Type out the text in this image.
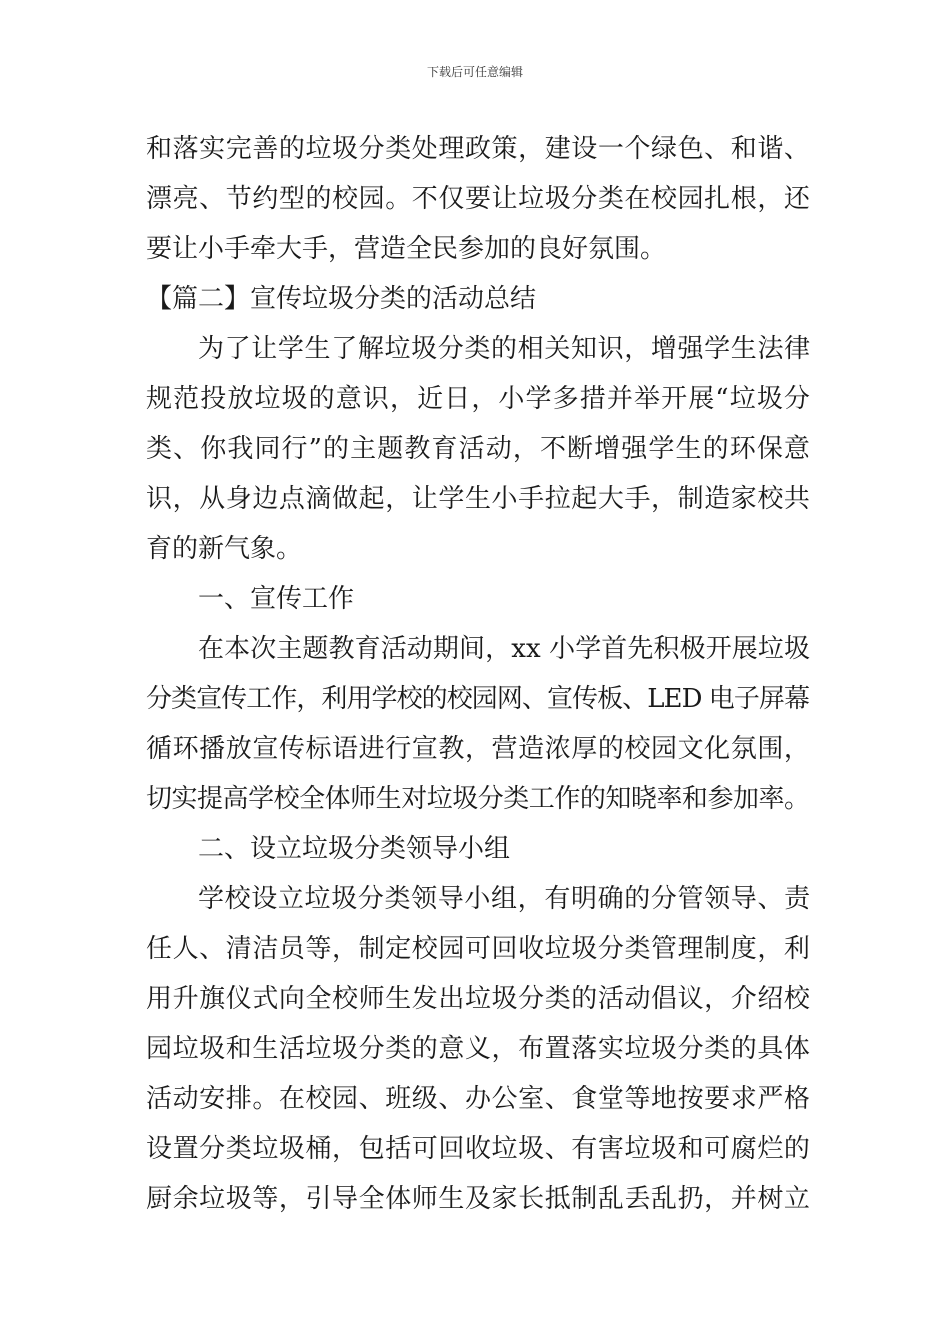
下载后可任意编辑
和落实完善的垃圾分类处理政策，建设一个绿色、和谐、
漂亮、节约型的校园。不仅要让垃圾分类在校园扎根，还
要让小手牵大手，营造全民参加的良好氛围。
【篇二】宣传垃圾分类的活动总结
为了让学生了解垃圾分类的相关知识，增强学生法律
规范投放垃圾的意识，近日，小学多措并举开展“垃圾分
类、你我同行”的主题教育活动，不断增强学生的环保意
识，从身边点滴做起，让学生小手拉起大手，制造家校共
育的新气象。
一、宣传工作
在本次主题教育活动期间，xx 小学首先积极开展垃圾
分类宣传工作，利用学校的校园网、宣传板、LED 电子屏幕
循环播放宣传标语进行宣教，营造浓厚的校园文化氛围，
切实提高学校全体师生对垃圾分类工作的知晓率和参加率。
二、设立垃圾分类领导小组
学校设立垃圾分类领导小组，有明确的分管领导、责
任人、清洁员等，制定校园可回收垃圾分类管理制度，利
用升旗仪式向全校师生发出垃圾分类的活动倡议，介绍校
园垃圾和生活垃圾分类的意义，布置落实垃圾分类的具体
活动安排。在校园、班级、办公室、食堂等地按要求严格
设置分类垃圾桶，包括可回收垃圾、有害垃圾和可腐烂的
厨余垃圾等，引导全体师生及家长抵制乱丢乱扔，并树立
